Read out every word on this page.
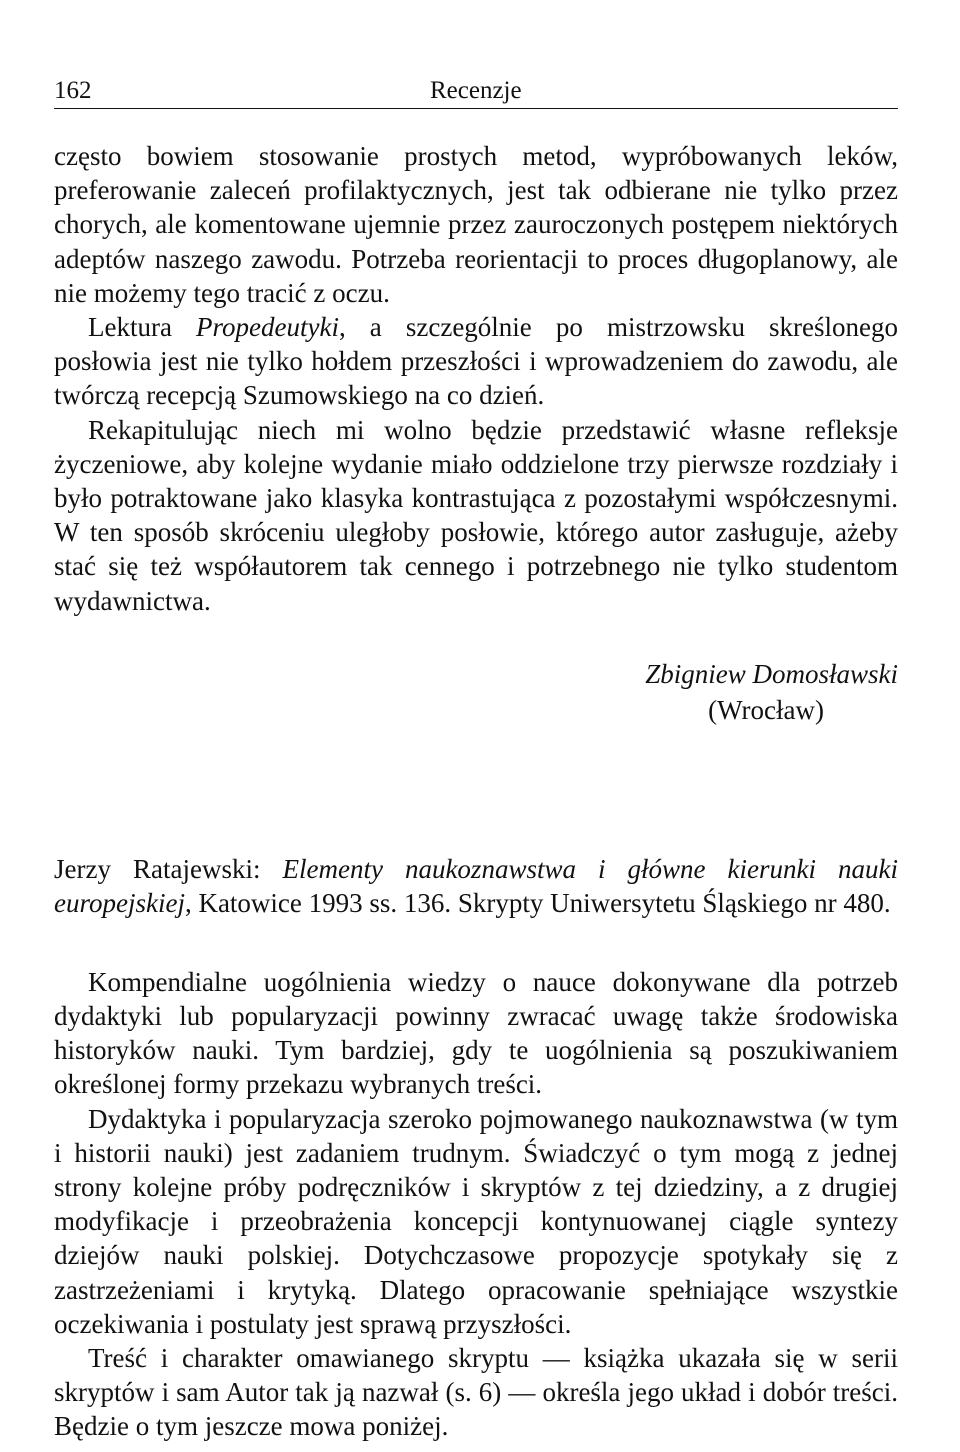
162	Recenzje

często bowiem stosowanie prostych metod, wypróbowanych leków, preferowanie zaleceń profilaktycznych, jest tak odbierane nie tylko przez chorych, ale komentowane ujemnie przez zauroczonych postępem niektórych adeptów naszego zawodu. Potrzeba reorientacji to proces długoplanowy, ale nie możemy tego tracić z oczu.

Lektura Propedeutyki, a szczególnie po mistrzowsku skreślonego posłowia jest nie tylko hołdem przeszłości i wprowadzeniem do zawodu, ale twórczą recepcją Szumowskiego na co dzień.

Rekapitulując niech mi wolno będzie przedstawić własne refleksje życzeniowe, aby kolejne wydanie miało oddzielone trzy pierwsze rozdziały i było potraktowane jako klasyka kontrastująca z pozostałymi współczesnymi. W ten sposób skróceniu uległoby posłowie, którego autor zasługuje, ażeby stać się też współautorem tak cennego i potrzebnego nie tylko studentom wydawnictwa.

Zbigniew Domosławski
(Wrocław)

Jerzy Ratajewski: Elementy naukoznawstwa i główne kierunki nauki europejskiej, Katowice 1993 ss. 136. Skrypty Uniwersytetu Śląskiego nr 480.

Kompendialne uogólnienia wiedzy o nauce dokonywane dla potrzeb dydaktyki lub popularyzacji powinny zwracać uwagę także środowiska historyków nauki. Tym bardziej, gdy te uogólnienia są poszukiwaniem określonej formy przekazu wybranych treści.

Dydaktyka i popularyzacja szeroko pojmowanego naukoznawstwa (w tym i historii nauki) jest zadaniem trudnym. Świadczyć o tym mogą z jednej strony kolejne próby podręczników i skryptów z tej dziedziny, a z drugiej modyfikacje i przeobrażenia koncepcji kontynuowanej ciągle syntezy dziejów nauki polskiej. Dotychczasowe propozycje spotykały się z zastrzeżeniami i krytyką. Dlatego opracowanie spełniające wszystkie oczekiwania i postulaty jest sprawą przyszłości.

Treść i charakter omawianego skryptu — książka ukazała się w serii skryptów i sam Autor tak ją nazwał (s. 6) — określa jego układ i dobór treści. Będzie o tym jeszcze mowa poniżej.
